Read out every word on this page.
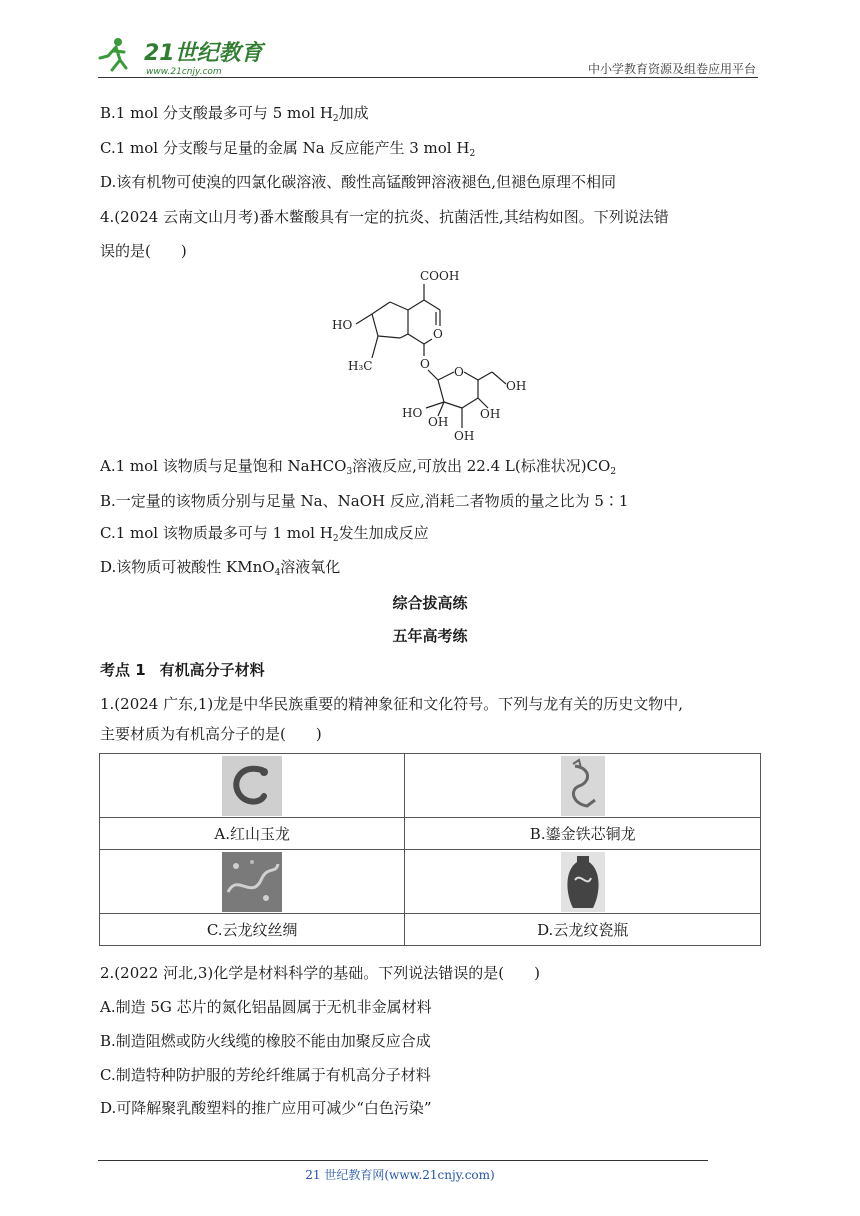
21世纪教育
www.21cnjy.com	中小学教育资源及组卷应用平台
B.1 mol 分支酸最多可与 5 mol $H_2$加成
C.1 mol 分支酸与足量的金属 Na 反应能产生 3 mol $H_2$
D.该有机物可使溴的四氯化碳溶液、酸性高锰酸钾溶液褪色,但褪色原理不相同
4.(2024 云南文山月考)番木鳖酸具有一定的抗炎、抗菌活性,其结构如图。下列说法错
误的是(　　)
COOH
O
HO
H₃C	O
O
OH
HO
OH
OH
OH
A.1 mol 该物质与足量饱和 NaHCO$_3$溶液反应,可放出 22.4 L(标准状况)$CO_2$
B.一定量的该物质分别与足量 Na、NaOH 反应,消耗二者物质的量之比为 5∶1
C.1 mol 该物质最多可与 1 mol $H_2$发生加成反应
D.该物质可被酸性 KMnO$_4$溶液氧化
综合拔高练
五年高考练
考点 1 有机高分子材料
1.(2024 广东,1)龙是中华民族重要的精神象征和文化符号。下列与龙有关的历史文物中,
主要材质为有机高分子的是(　　)

A.红山玉龙	B.鎏金铁芯铜龙

C.云龙纹丝绸	D.云龙纹瓷瓶
2.(2022 河北,3)化学是材料科学的基础。下列说法错误的是(　　)
A.制造 5G 芯片的氮化铝晶圆属于无机非金属材料
B.制造阻燃或防火线缆的橡胶不能由加聚反应合成
C.制造特种防护服的芳纶纤维属于有机高分子材料
D.可降解聚乳酸塑料的推广应用可减少“白色污染”
21 世纪教育网(www.21cnjy.com)
